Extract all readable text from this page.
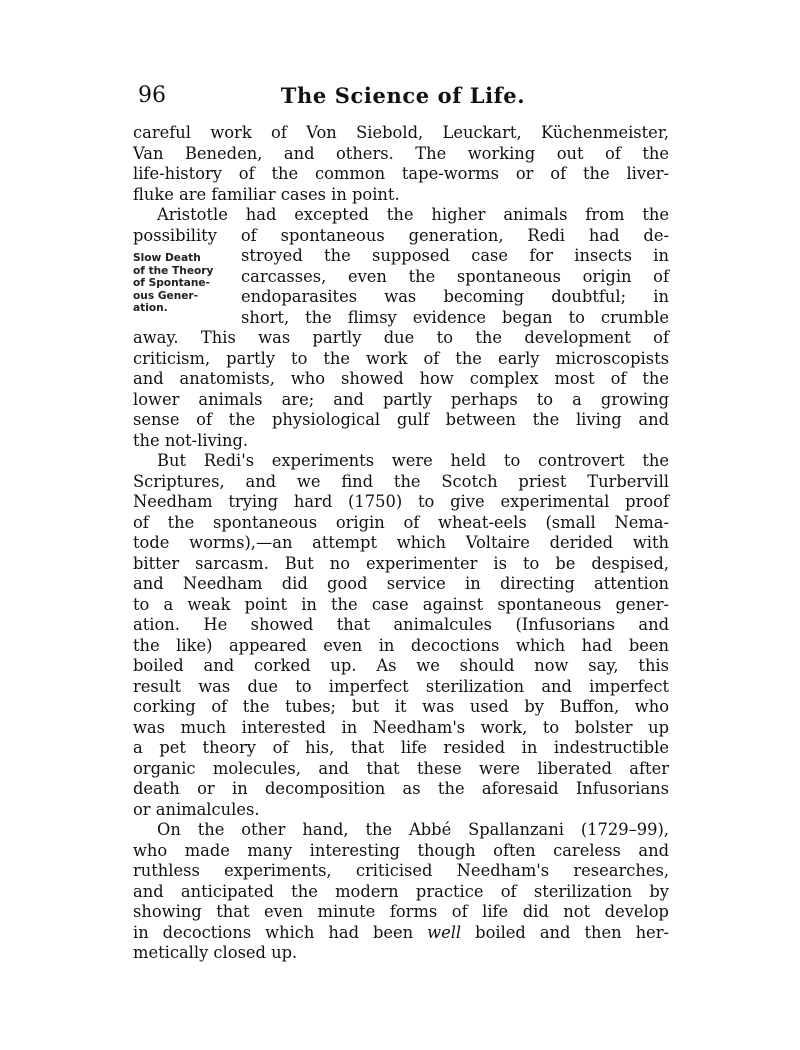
96	The Science of Life.
Slow Death
of the Theory
of Spontane-
ous Gener-
ation.
careful work of Von Siebold, Leuckart, Küchenmeister,
Van Beneden, and others. The working out of the
life-history of the common tape-worms or of the liver-
fluke are familiar cases in point.
Aristotle had excepted the higher animals from the
possibility of spontaneous generation, Redi had de-
stroyed the supposed case for insects in
carcasses, even the spontaneous origin of
endoparasites was becoming doubtful; in
short, the flimsy evidence began to crumble
away. This was partly due to the development of
criticism, partly to the work of the early microscopists
and anatomists, who showed how complex most of the
lower animals are; and partly perhaps to a growing
sense of the physiological gulf between the living and
the not-living.
But Redi's experiments were held to controvert the
Scriptures, and we find the Scotch priest Turbervill
Needham trying hard (1750) to give experimental proof
of the spontaneous origin of wheat-eels (small Nema-
tode worms),—an attempt which Voltaire derided with
bitter sarcasm. But no experimenter is to be despised,
and Needham did good service in directing attention
to a weak point in the case against spontaneous gener-
ation. He showed that animalcules (Infusorians and
the like) appeared even in decoctions which had been
boiled and corked up. As we should now say, this
result was due to imperfect sterilization and imperfect
corking of the tubes; but it was used by Buffon, who
was much interested in Needham's work, to bolster up
a pet theory of his, that life resided in indestructible
organic molecules, and that these were liberated after
death or in decomposition as the aforesaid Infusorians
or animalcules.
On the other hand, the Abbé Spallanzani (1729–99),
who made many interesting though often careless and
ruthless experiments, criticised Needham's researches,
and anticipated the modern practice of sterilization by
showing that even minute forms of life did not develop
in decoctions which had been well boiled and then her-
metically closed up.
